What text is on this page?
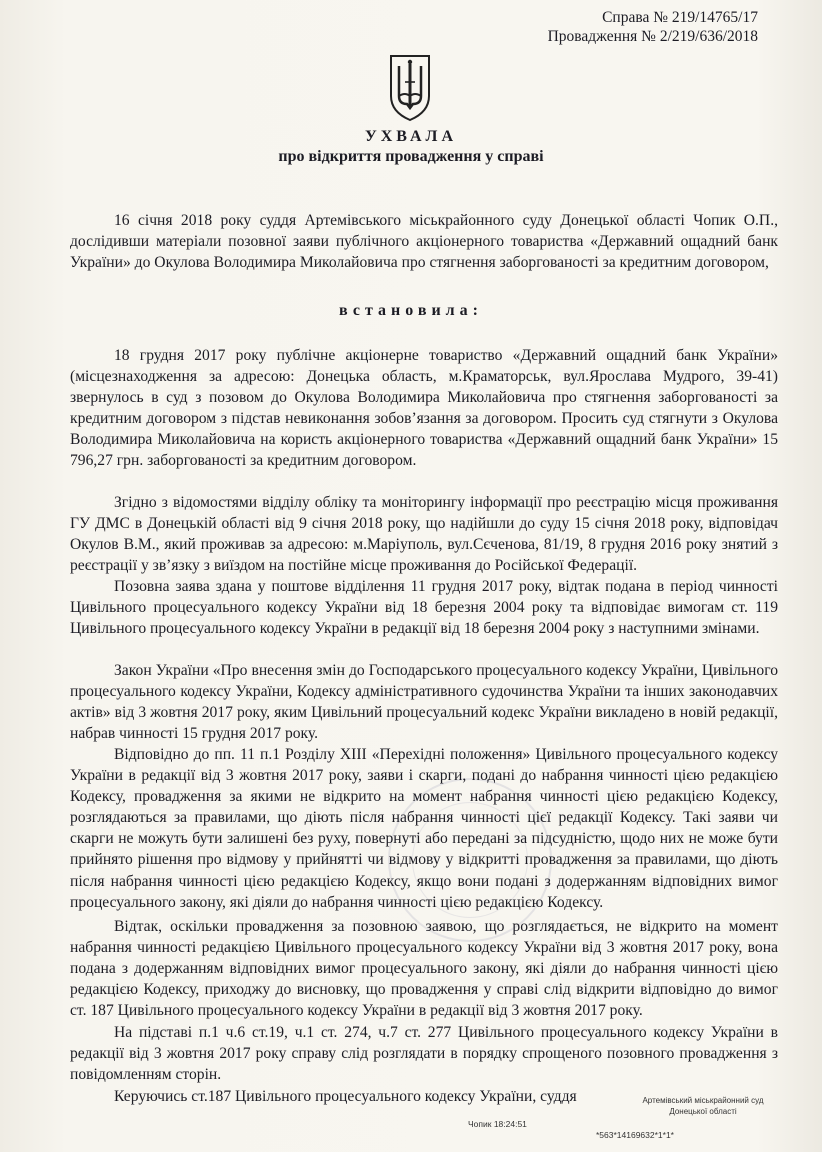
Справа № 219/14765/17
Провадження № 2/219/636/2018
УХВАЛА
про відкриття провадження у справі
16 січня 2018 року суддя Артемівського міськрайонного суду Донецької області Чопик О.П., дослідивши матеріали позовної заяви публічного акціонерного товариства «Державний ощадний банк України» до Окулова Володимира Миколайовича про стягнення заборгованості за кредитним договором,
встановила:
18 грудня 2017 року публічне акціонерне товариство «Державний ощадний банк України» (місцезнаходження за адресою: Донецька область, м.Краматорськ, вул.Ярослава Мудрого, 39-41) звернулось в суд з позовом до Окулова Володимира Миколайовича про стягнення заборгованості за кредитним договором з підстав невиконання зобов’язання за договором. Просить суд стягнути з Окулова Володимира Миколайовича на користь акціонерного товариства «Державний ощадний банк України» 15 796,27 грн. заборгованості за кредитним договором.
Згідно з відомостями відділу обліку та моніторингу інформації про реєстрацію місця проживання ГУ ДМС в Донецькій області від 9 січня 2018 року, що надійшли до суду 15 січня 2018 року, відповідач Окулов В.М., який проживав за адресою: м.Маріуполь, вул.Сєченова, 81/19, 8 грудня 2016 року знятий з реєстрації у зв’язку з виїздом на постійне місце проживання до Російської Федерації.
Позовна заява здана у поштове відділення 11 грудня 2017 року, відтак подана в період чинності Цивільного процесуального кодексу України від 18 березня 2004 року та відповідає вимогам ст. 119 Цивільного процесуального кодексу України в редакції від 18 березня 2004 року з наступними змінами.
Закон України «Про внесення змін до Господарського процесуального кодексу України, Цивільного процесуального кодексу України, Кодексу адміністративного судочинства України та інших законодавчих актів» від 3 жовтня 2017 року, яким Цивільний процесуальний кодекс України викладено в новій редакції, набрав чинності 15 грудня 2017 року.
Відповідно до пп. 11 п.1 Розділу XIII «Перехідні положення» Цивільного процесуального кодексу України в редакції від 3 жовтня 2017 року, заяви і скарги, подані до набрання чинності цією редакцією Кодексу, провадження за якими не відкрито на момент набрання чинності цією редакцією Кодексу, розглядаються за правилами, що діють після набрання чинності цієї редакції Кодексу. Такі заяви чи скарги не можуть бути залишені без руху, повернуті або передані за підсудністю, щодо них не може бути прийнято рішення про відмову у прийнятті чи відмову у відкритті провадження за правилами, що діють після набрання чинності цією редакцією Кодексу, якщо вони подані з додержанням відповідних вимог процесуального закону, які діяли до набрання чинності цією редакцією Кодексу.
Відтак, оскільки провадження за позовною заявою, що розглядається, не відкрито на момент набрання чинності редакцією Цивільного процесуального кодексу України від 3 жовтня 2017 року, вона подана з додержанням відповідних вимог процесуального закону, які діяли до набрання чинності цією редакцією Кодексу, приходжу до висновку, що провадження у справі слід відкрити відповідно до вимог ст. 187 Цивільного процесуального кодексу України в редакції від 3 жовтня 2017 року.
На підставі п.1 ч.6 ст.19, ч.1 ст. 274, ч.7 ст. 277 Цивільного процесуального кодексу України в редакції від 3 жовтня 2017 року справу слід розглядати в порядку спрощеного позовного провадження з повідомленням сторін.
Керуючись ст.187 Цивільного процесуального кодексу України, суддя	Артемівський міськрайонний суд
Донецької області
Чопик 18:24:51
*563*14169632*1*1*
